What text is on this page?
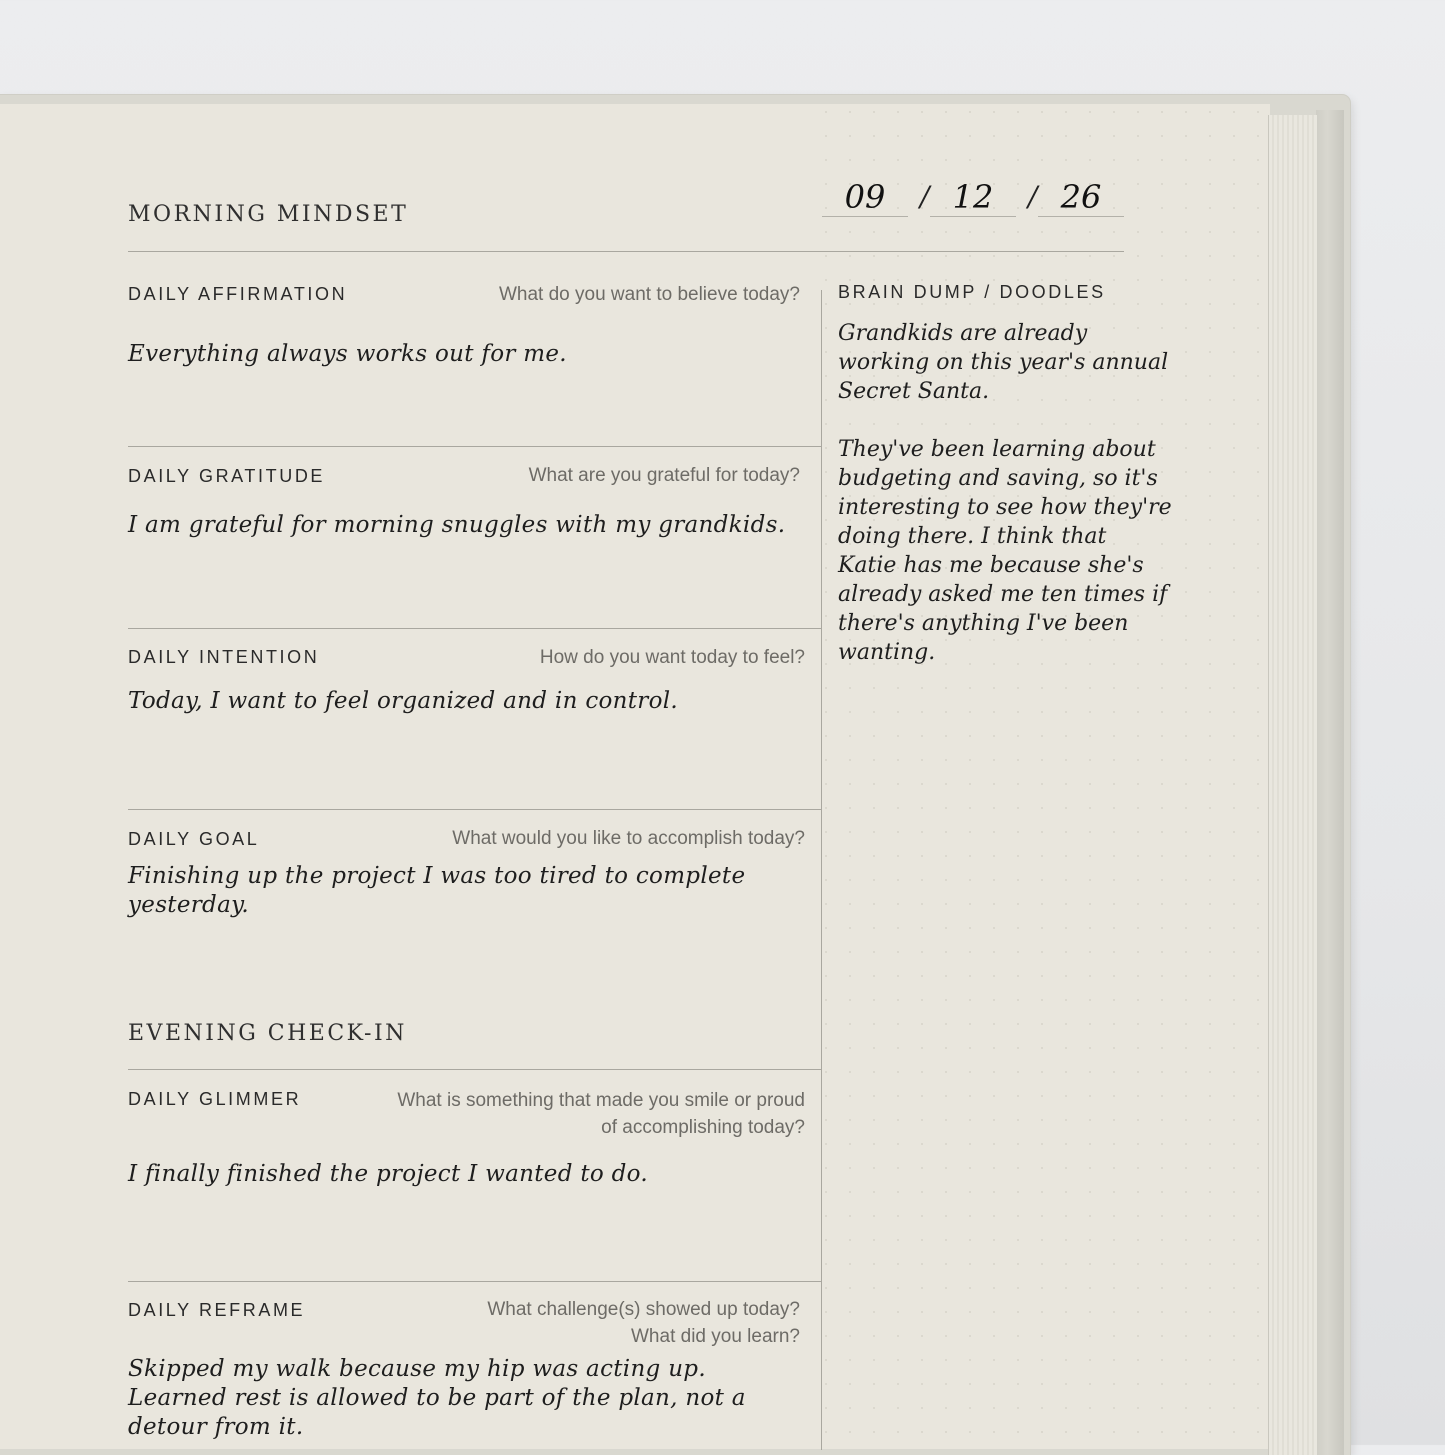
MORNING MINDSET	09	/ 12	/ 26
DAILY AFFIRMATION	What do you want to believe today?
Everything always works out for me.
DAILY GRATITUDE	What are you grateful for today?
I am grateful for morning snuggles with my grandkids.
DAILY INTENTION	How do you want today to feel?
Today, I want to feel organized and in control.
DAILY GOAL	What would you like to accomplish today?
Finishing up the project I was too tired to complete
yesterday.
EVENING CHECK-IN
DAILY GLIMMER	What is something that made you smile or proud
of accomplishing today?
I finally finished the project I wanted to do.
DAILY REFRAME	What challenge(s) showed up today?
What did you learn?
Skipped my walk because my hip was acting up.
Learned rest is allowed to be part of the plan, not a
detour from it.
BRAIN DUMP / DOODLES
Grandkids are already
working on this year's annual
Secret Santa.
They've been learning about
budgeting and saving, so it's
interesting to see how they're
doing there. I think that
Katie has me because she's
already asked me ten times if
there's anything I've been
wanting.
